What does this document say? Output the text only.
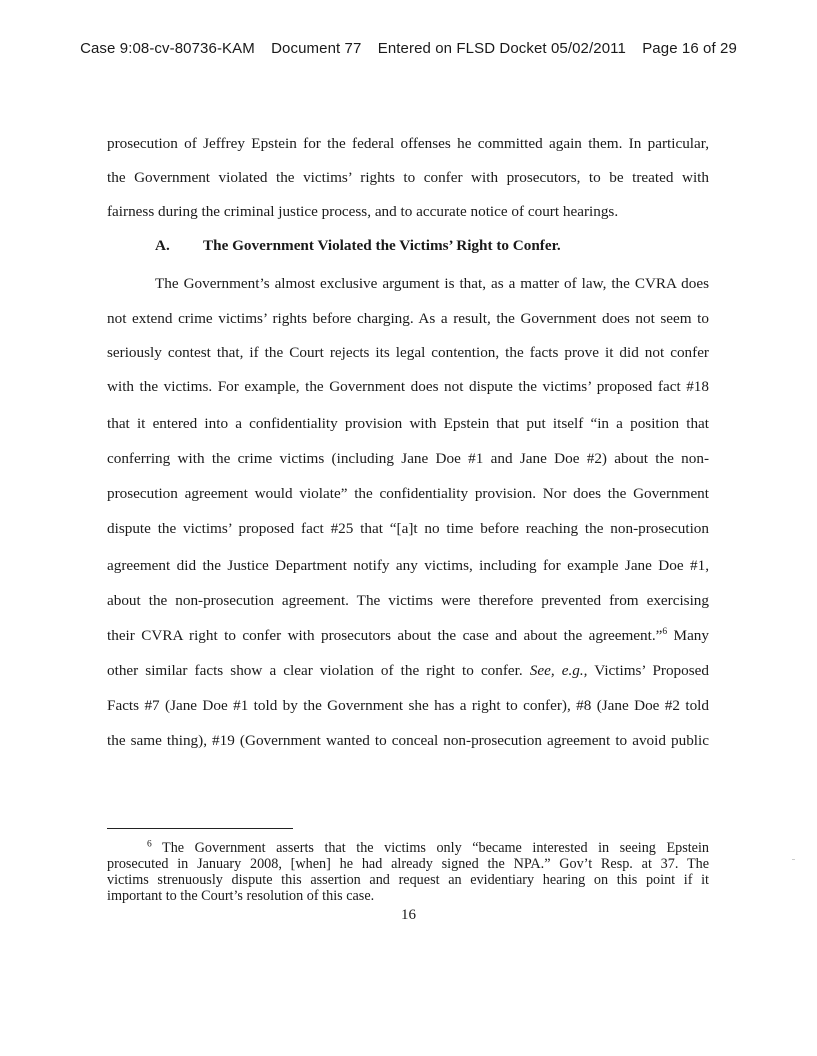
Case 9:08-cv-80736-KAM Document 77 Entered on FLSD Docket 05/02/2011 Page 16 of 29
prosecution of Jeffrey Epstein for the federal offenses he committed again them. In particular,
the Government violated the victims’ rights to confer with prosecutors, to be treated with
fairness during the criminal justice process, and to accurate notice of court hearings.
A. The Government Violated the Victims’ Right to Confer.
The Government’s almost exclusive argument is that, as a matter of law, the CVRA does
not extend crime victims’ rights before charging. As a result, the Government does not seem to
seriously contest that, if the Court rejects its legal contention, the facts prove it did not confer
with the victims. For example, the Government does not dispute the victims’ proposed fact #18
that it entered into a confidentiality provision with Epstein that put itself “in a position that
conferring with the crime victims (including Jane Doe #1 and Jane Doe #2) about the non-
prosecution agreement would violate” the confidentiality provision. Nor does the Government
dispute the victims’ proposed fact #25 that “[a]t no time before reaching the non-prosecution
agreement did the Justice Department notify any victims, including for example Jane Doe #1,
about the non-prosecution agreement. The victims were therefore prevented from exercising
their CVRA right to confer with prosecutors about the case and about the agreement.”$^6$ Many
other similar facts show a clear violation of the right to confer. See, e.g., Victims’ Proposed
Facts #7 (Jane Doe #1 told by the Government she has a right to confer), #8 (Jane Doe #2 told
the same thing), #19 (Government wanted to conceal non-prosecution agreement to avoid public
$^6$ The Government asserts that the victims only “became interested in seeing Epstein
prosecuted in January 2008, [when] he had already signed the NPA.” Gov’t Resp. at 37. The
victims strenuously dispute this assertion and request an evidentiary hearing on this point if it
important to the Court’s resolution of this case.
16
